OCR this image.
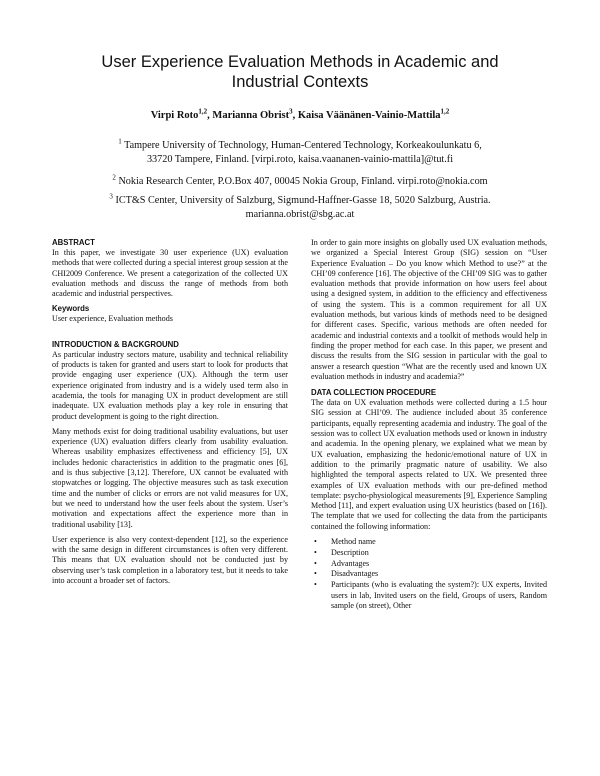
User Experience Evaluation Methods in Academic and
Industrial Contexts
Virpi Roto$^{1,2}$, Marianna Obrist$^3$, Kaisa Väänänen-Vainio-Mattila$^{1,2}$
$^1$ Tampere University of Technology, Human-Centered Technology, Korkeakoulunkatu 6,
33720 Tampere, Finland. [virpi.roto, kaisa.vaananen-vainio-mattila]@tut.fi
$^2$ Nokia Research Center, P.O.Box 407, 00045 Nokia Group, Finland. virpi.roto@nokia.com
$^3$ ICT&S Center, University of Salzburg, Sigmund-Haffner-Gasse 18, 5020 Salzburg, Austria.
marianna.obrist@sbg.ac.at
ABSTRACT

In this paper, we investigate 30 user experience (UX) evaluation methods that were collected during a special interest group session at the CHI2009 Conference. We present a categorization of the collected UX evaluation methods and discuss the range of methods from both academic and industrial perspectives.

Keywords

User experience, Evaluation methods

INTRODUCTION & BACKGROUND

As particular industry sectors mature, usability and technical reliability of products is taken for granted and users start to look for products that provide engaging user experience (UX). Although the term user experience originated from industry and is a widely used term also in academia, the tools for managing UX in product development are still inadequate. UX evaluation methods play a key role in ensuring that product development is going to the right direction.

Many methods exist for doing traditional usability evaluations, but user experience (UX) evaluation differs clearly from usability evaluation. Whereas usability emphasizes effectiveness and efficiency [5], UX includes hedonic characteristics in addition to the pragmatic ones [6], and is thus subjective [3,12]. Therefore, UX cannot be evaluated with stopwatches or logging. The objective measures such as task execution time and the number of clicks or errors are not valid measures for UX, but we need to understand how the user feels about the system. User’s motivation and expectations affect the experience more than in traditional usability [13].

User experience is also very context-dependent [12], so the experience with the same design in different circumstances is often very different. This means that UX evaluation should not be conducted just by observing user’s task completion in a laboratory test, but it needs to take into account a broader set of factors.

In order to gain more insights on globally used UX evaluation methods, we organized a Special Interest Group (SIG) session on “User Experience Evaluation – Do you know which Method to use?” at the CHI’09 conference [16]. The objective of the CHI’09 SIG was to gather evaluation methods that provide information on how users feel about using a designed system, in addition to the efficiency and effectiveness of using the system. This is a common requirement for all UX evaluation methods, but various kinds of methods need to be designed for different cases. Specific, various methods are often needed for academic and industrial contexts and a toolkit of methods would help in finding the proper method for each case. In this paper, we present and discuss the results from the SIG session in particular with the goal to answer a research question “What are the recently used and known UX evaluation methods in industry and academia?”

DATA COLLECTION PROCEDURE

The data on UX evaluation methods were collected during a 1.5 hour SIG session at CHI’09. The audience included about 35 conference participants, equally representing academia and industry. The goal of the session was to collect UX evaluation methods used or known in industry and academia. In the opening plenary, we explained what we mean by UX evaluation, emphasizing the hedonic/emotional nature of UX in addition to the primarily pragmatic nature of usability. We also highlighted the temporal aspects related to UX. We presented three examples of UX evaluation methods with our pre-defined method template: psycho-physiological measurements [9], Experience Sampling Method [11], and expert evaluation using UX heuristics (based on [16]). The template that we used for collecting the data from the participants contained the following information:

•	Method name
•	Description
•	Advantages
•	Disadvantages
•	Participants (who is evaluating the system?): UX experts, Invited users in lab, Invited users on the field, Groups of users, Random sample (on street), Other
